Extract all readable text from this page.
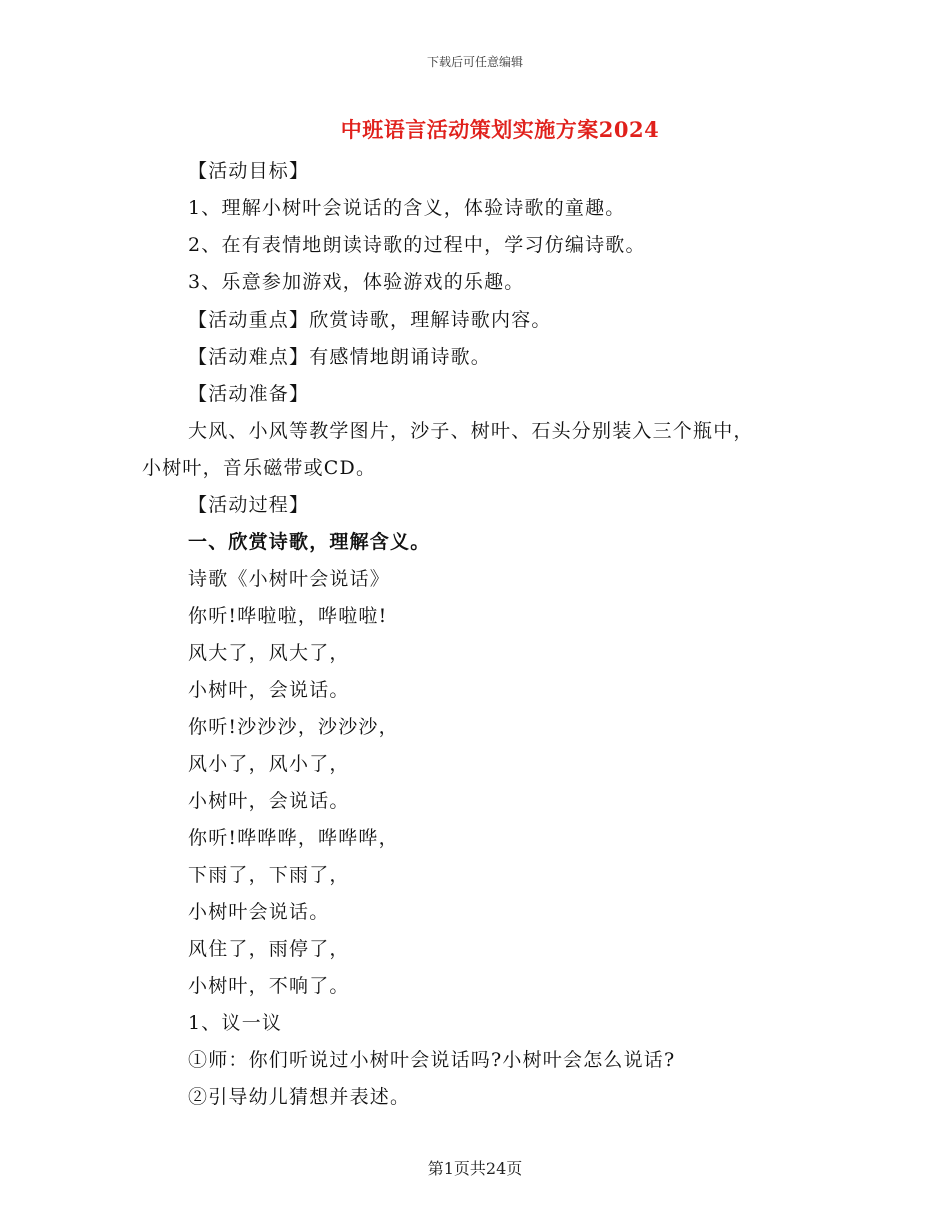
下载后可任意编辑
中班语言活动策划实施方案2024
【活动目标】
1、理解小树叶会说话的含义，体验诗歌的童趣。
2、在有表情地朗读诗歌的过程中，学习仿编诗歌。
3、乐意参加游戏，体验游戏的乐趣。
【活动重点】欣赏诗歌，理解诗歌内容。
【活动难点】有感情地朗诵诗歌。
【活动准备】
大风、小风等教学图片，沙子、树叶、石头分别装入三个瓶中，
小树叶，音乐磁带或CD。
【活动过程】
一、欣赏诗歌，理解含义。
诗歌《小树叶会说话》
你听!哗啦啦，哗啦啦!
风大了，风大了，
小树叶，会说话。
你听!沙沙沙，沙沙沙，
风小了，风小了，
小树叶，会说话。
你听!哗哗哗，哗哗哗，
下雨了，下雨了，
小树叶会说话。
风住了，雨停了，
小树叶，不响了。
1、议一议
①师：你们听说过小树叶会说话吗?小树叶会怎么说话?
②引导幼儿猜想并表述。
第1页共24页
